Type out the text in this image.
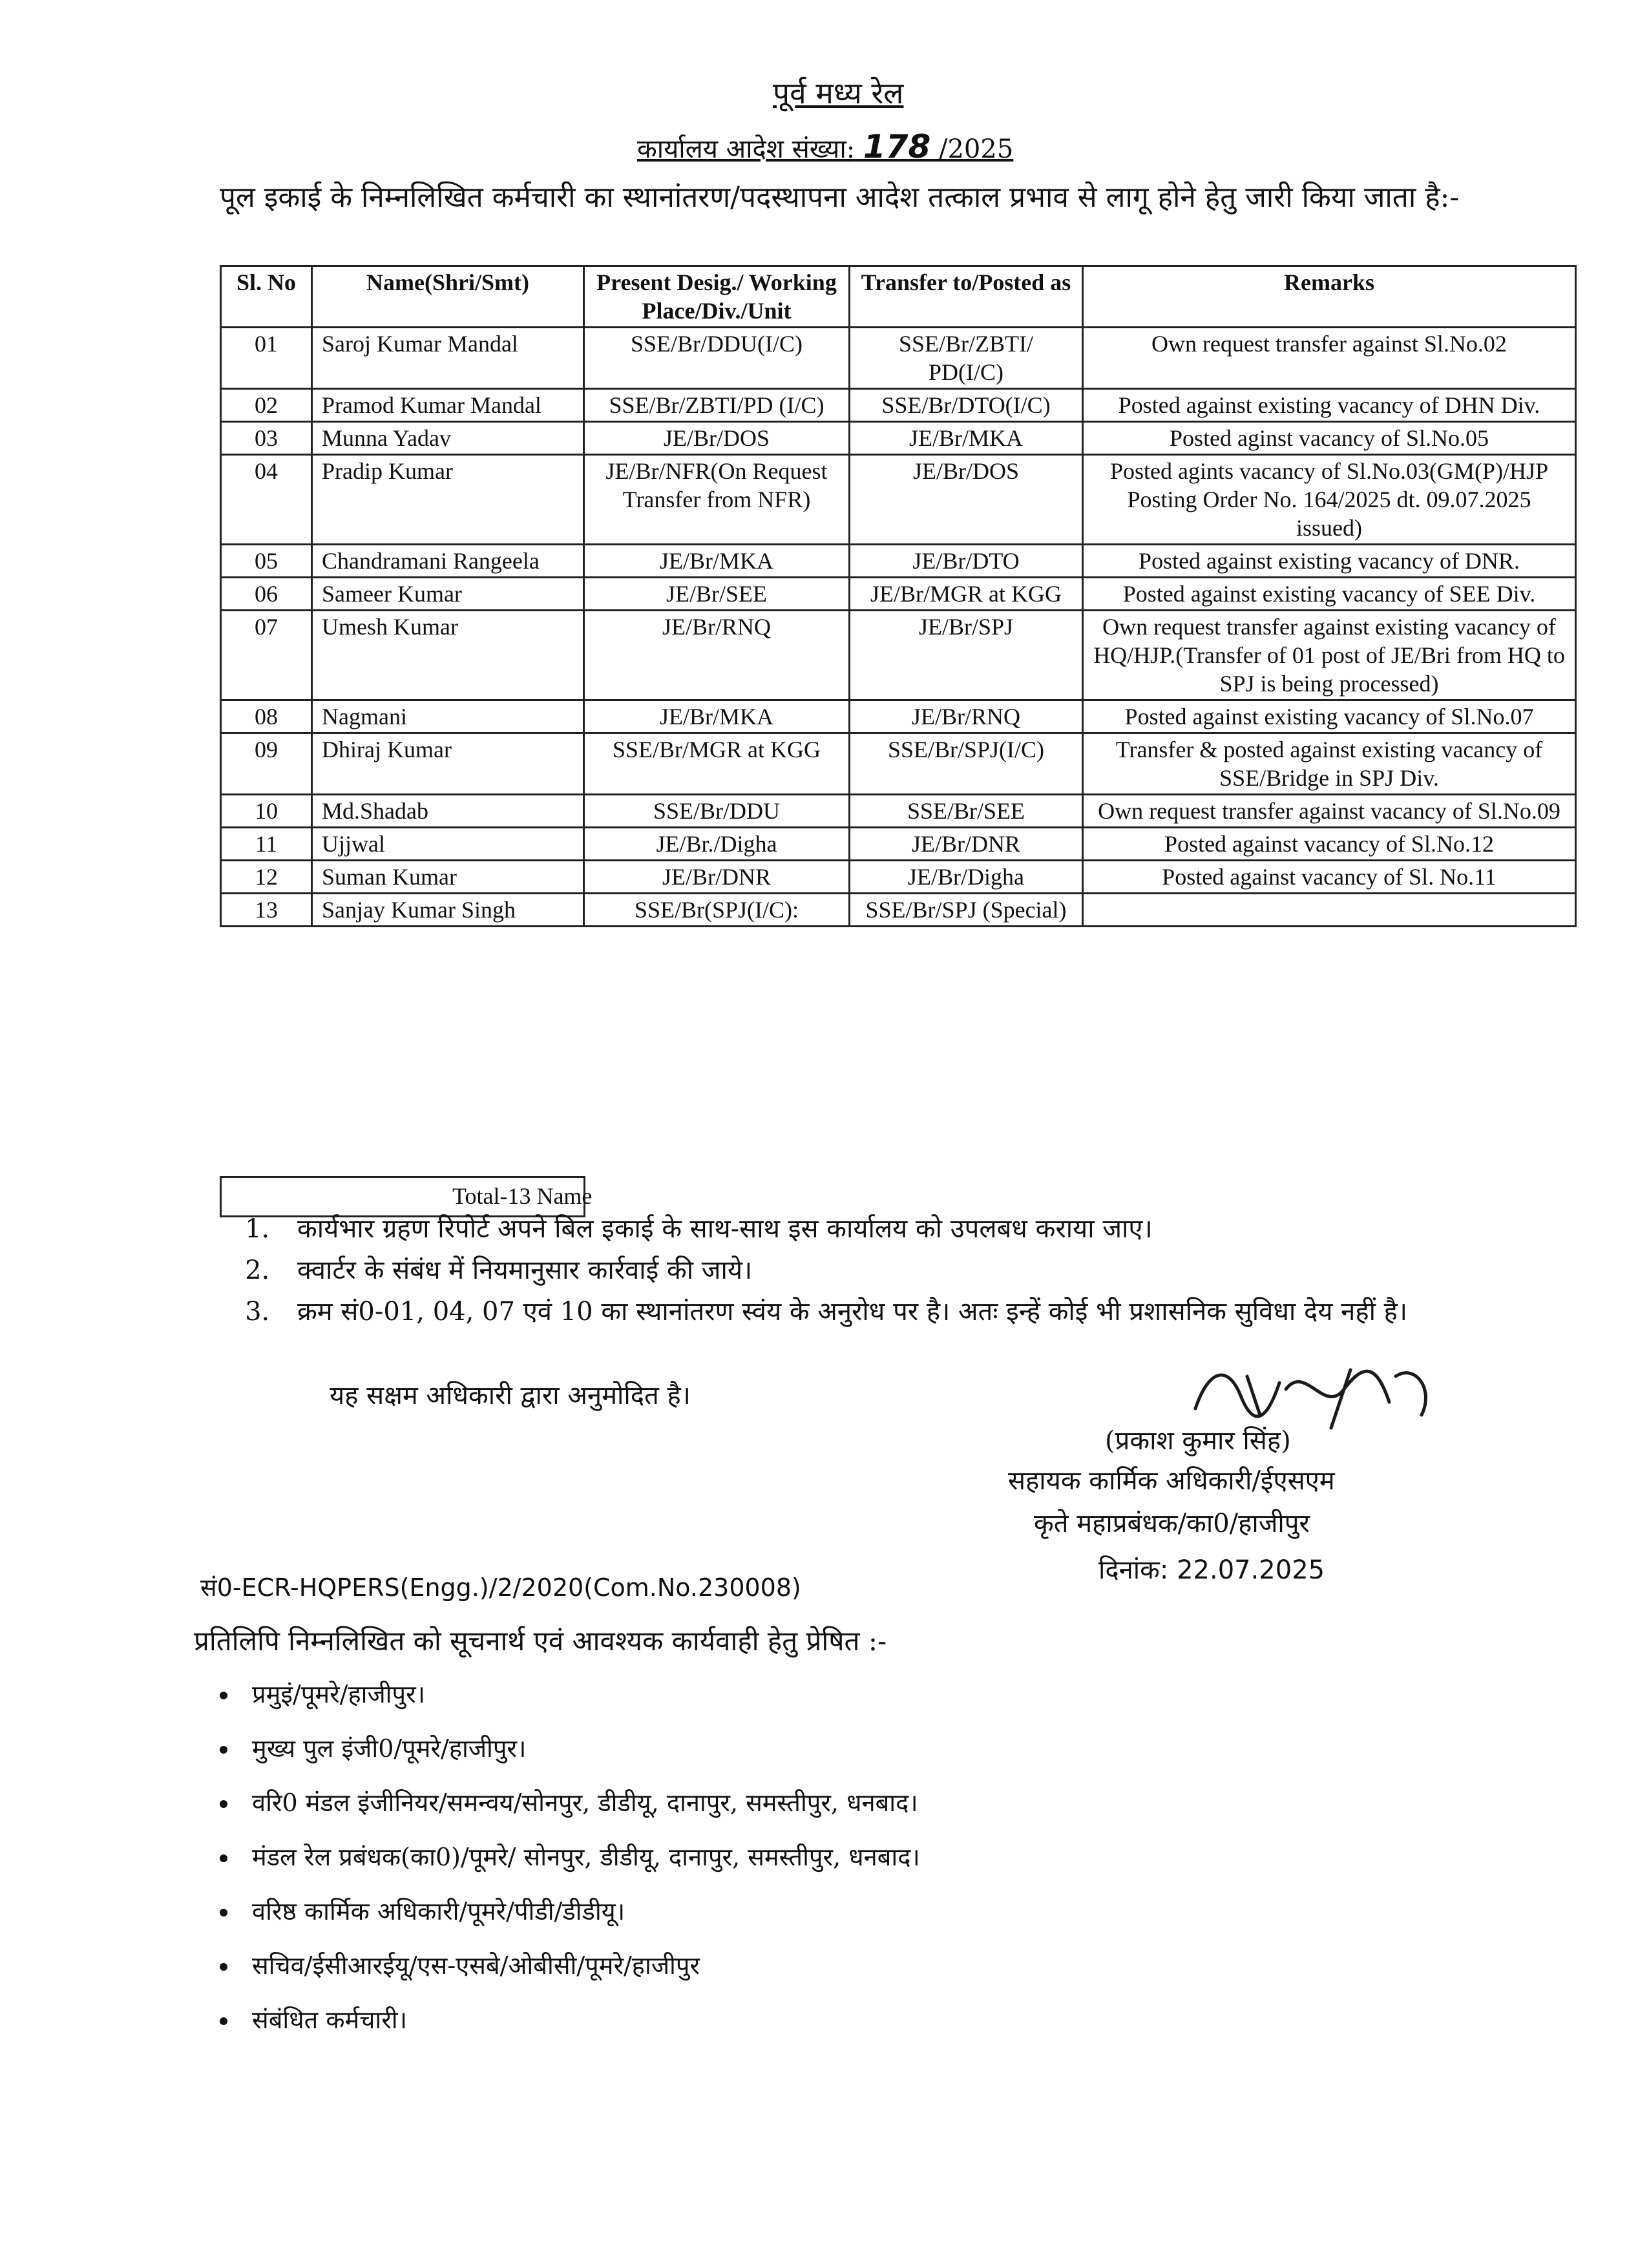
पूर्व मध्य रेल
कार्यालय आदेश संख्या: 178 /2025
पूल इकाई के निम्नलिखित कर्मचारी का स्थानांतरण/पदस्थापना आदेश तत्काल प्रभाव से लागू होने हेतु जारी किया जाता है:-
Sl. No	Name(Shri/Smt)	Present Desig./ Working Place/Div./Unit	Transfer to/Posted as	Remarks
01	Saroj Kumar Mandal	SSE/Br/DDU(I/C)	SSE/Br/ZBTI/ PD(I/C)	Own request transfer against Sl.No.02
02	Pramod Kumar Mandal	SSE/Br/ZBTI/PD (I/C)	SSE/Br/DTO(I/C)	Posted against existing vacancy of DHN Div.
03	Munna Yadav	JE/Br/DOS	JE/Br/MKA	Posted aginst vacancy of Sl.No.05
04	Pradip Kumar	JE/Br/NFR(On Request Transfer from NFR)	JE/Br/DOS	Posted agints vacancy of Sl.No.03(GM(P)/HJP Posting Order No. 164/2025 dt. 09.07.2025 issued)
05	Chandramani Rangeela	JE/Br/MKA	JE/Br/DTO	Posted against existing vacancy of DNR.
06	Sameer Kumar	JE/Br/SEE	JE/Br/MGR at KGG	Posted against existing vacancy of SEE Div.
07	Umesh Kumar	JE/Br/RNQ	JE/Br/SPJ	Own request transfer against existing vacancy of HQ/HJP.(Transfer of 01 post of JE/Bri from HQ to SPJ is being processed)
08	Nagmani	JE/Br/MKA	JE/Br/RNQ	Posted against existing vacancy of Sl.No.07
09	Dhiraj Kumar	SSE/Br/MGR at KGG	SSE/Br/SPJ(I/C)	Transfer & posted against existing vacancy of SSE/Bridge in SPJ Div.
10	Md.Shadab	SSE/Br/DDU	SSE/Br/SEE	Own request transfer against vacancy of Sl.No.09
11	Ujjwal	JE/Br./Digha	JE/Br/DNR	Posted against vacancy of Sl.No.12
12	Suman Kumar	JE/Br/DNR	JE/Br/Digha	Posted against vacancy of Sl. No.11
13	Sanjay Kumar Singh	SSE/Br(SPJ(I/C):	SSE/Br/SPJ (Special)	
Total-13 Name
1. कार्यभार ग्रहण रिपोर्ट अपने बिल इकाई के साथ-साथ इस कार्यालय को उपलबध कराया जाए।
2. क्वार्टर के संबंध में नियमानुसार कार्रवाई की जाये।
3. क्रम सं0-01, 04, 07 एवं 10 का स्थानांतरण स्वंय के अनुरोध पर है। अतः इन्हें कोई भी प्रशासनिक सुविधा देय नहीं है।
यह सक्षम अधिकारी द्वारा अनुमोदित है।
(प्रकाश कुमार सिंह)
सहायक कार्मिक अधिकारी/ईएसएम
कृते महाप्रबंधक/का0/हाजीपुर
दिनांक: 22.07.2025
सं0-ECR-HQPERS(Engg.)/2/2020(Com.No.230008)
प्रतिलिपि निम्नलिखित को सूचनार्थ एवं आवश्यक कार्यवाही हेतु प्रेषित :-
• प्रमुइं/पूमरे/हाजीपुर।
• मुख्य पुल इंजी0/पूमरे/हाजीपुर।
• वरि0 मंडल इंजीनियर/समन्वय/सोनपुर, डीडीयू, दानापुर, समस्तीपुर, धनबाद।
• मंडल रेल प्रबंधक(का0)/पूमरे/ सोनपुर, डीडीयू, दानापुर, समस्तीपुर, धनबाद।
• वरिष्ठ कार्मिक अधिकारी/पूमरे/पीडी/डीडीयू।
• सचिव/ईसीआरईयू/एस-एसबे/ओबीसी/पूमरे/हाजीपुर
• संबंधित कर्मचारी।
